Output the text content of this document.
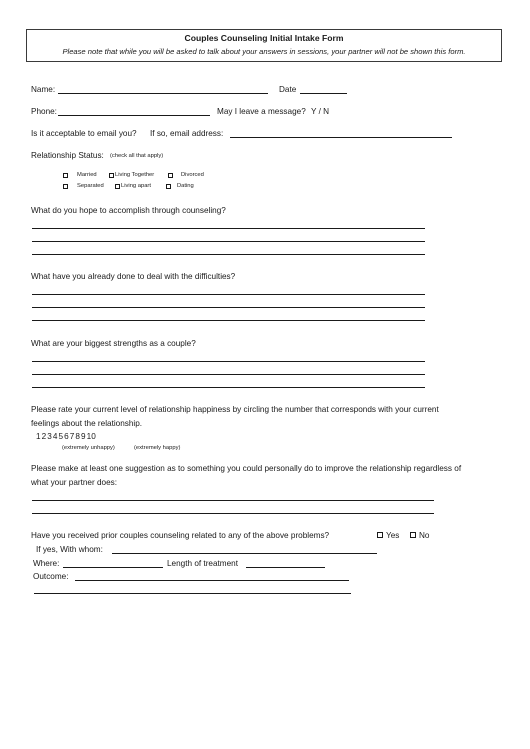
Couples Counseling Initial Intake Form
Please note that while you will be asked to talk about your answers in sessions, your partner will not be shown this form.
Name:	Date
Phone:	May I leave a message? Y / N
Is it acceptable to email you? If so, email address:
Relationship Status: (check all that apply)
Married	Living Together	Divorced
Separated	Living apart	Dating
What do you hope to accomplish through counseling?
What have you already done to deal with the difficulties?
What are your biggest strengths as a couple?
Please rate your current level of relationship happiness by circling the number that corresponds with your current
feelings about the relationship.
1 2 3 4 5 6 7 8 9 10
(extremely unhappy)	(extremely happy)
Please make at least one suggestion as to something you could personally do to improve the relationship regardless of
what your partner does:
Have you received prior couples counseling related to any of the above problems?	Yes No
If yes, With whom:
Where:	Length of treatment
Outcome:
